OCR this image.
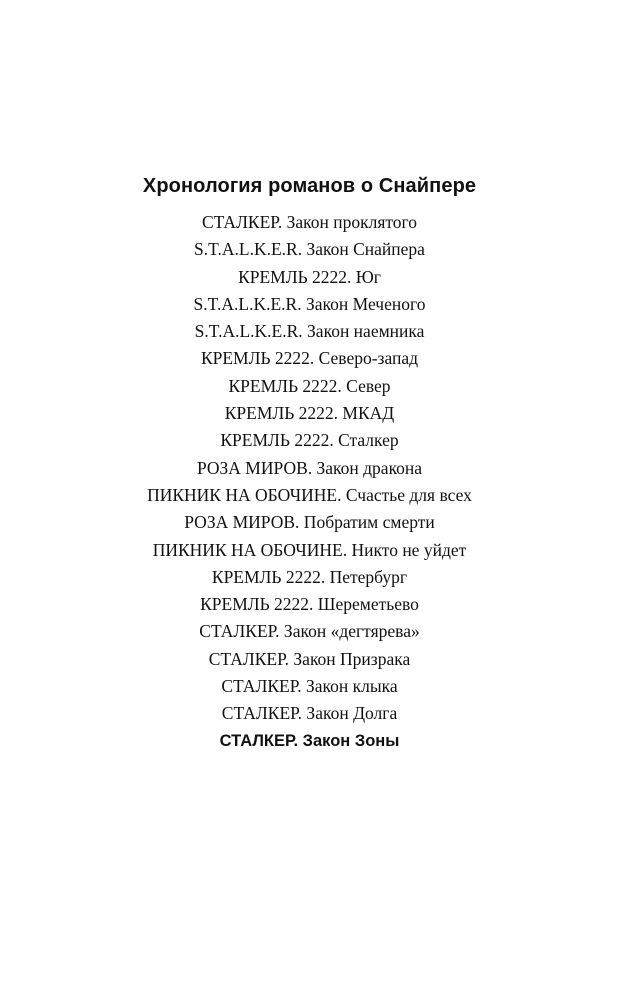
Хронология романов о Снайпере
СТАЛКЕР. Закон проклятого
S.T.A.L.K.E.R. Закон Снайпера
КРЕМЛЬ 2222. Юг
S.T.A.L.K.E.R. Закон Меченого
S.T.A.L.K.E.R. Закон наемника
КРЕМЛЬ 2222. Северо-запад
КРЕМЛЬ 2222. Север
КРЕМЛЬ 2222. МКАД
КРЕМЛЬ 2222. Сталкер
РОЗА МИРОВ. Закон дракона
ПИКНИК НА ОБОЧИНЕ. Счастье для всех
РОЗА МИРОВ. Побратим смерти
ПИКНИК НА ОБОЧИНЕ. Никто не уйдет
КРЕМЛЬ 2222. Петербург
КРЕМЛЬ 2222. Шереметьево
СТАЛКЕР. Закон «дегтярева»
СТАЛКЕР. Закон Призрака
СТАЛКЕР. Закон клыка
СТАЛКЕР. Закон Долга
СТАЛКЕР. Закон Зоны
